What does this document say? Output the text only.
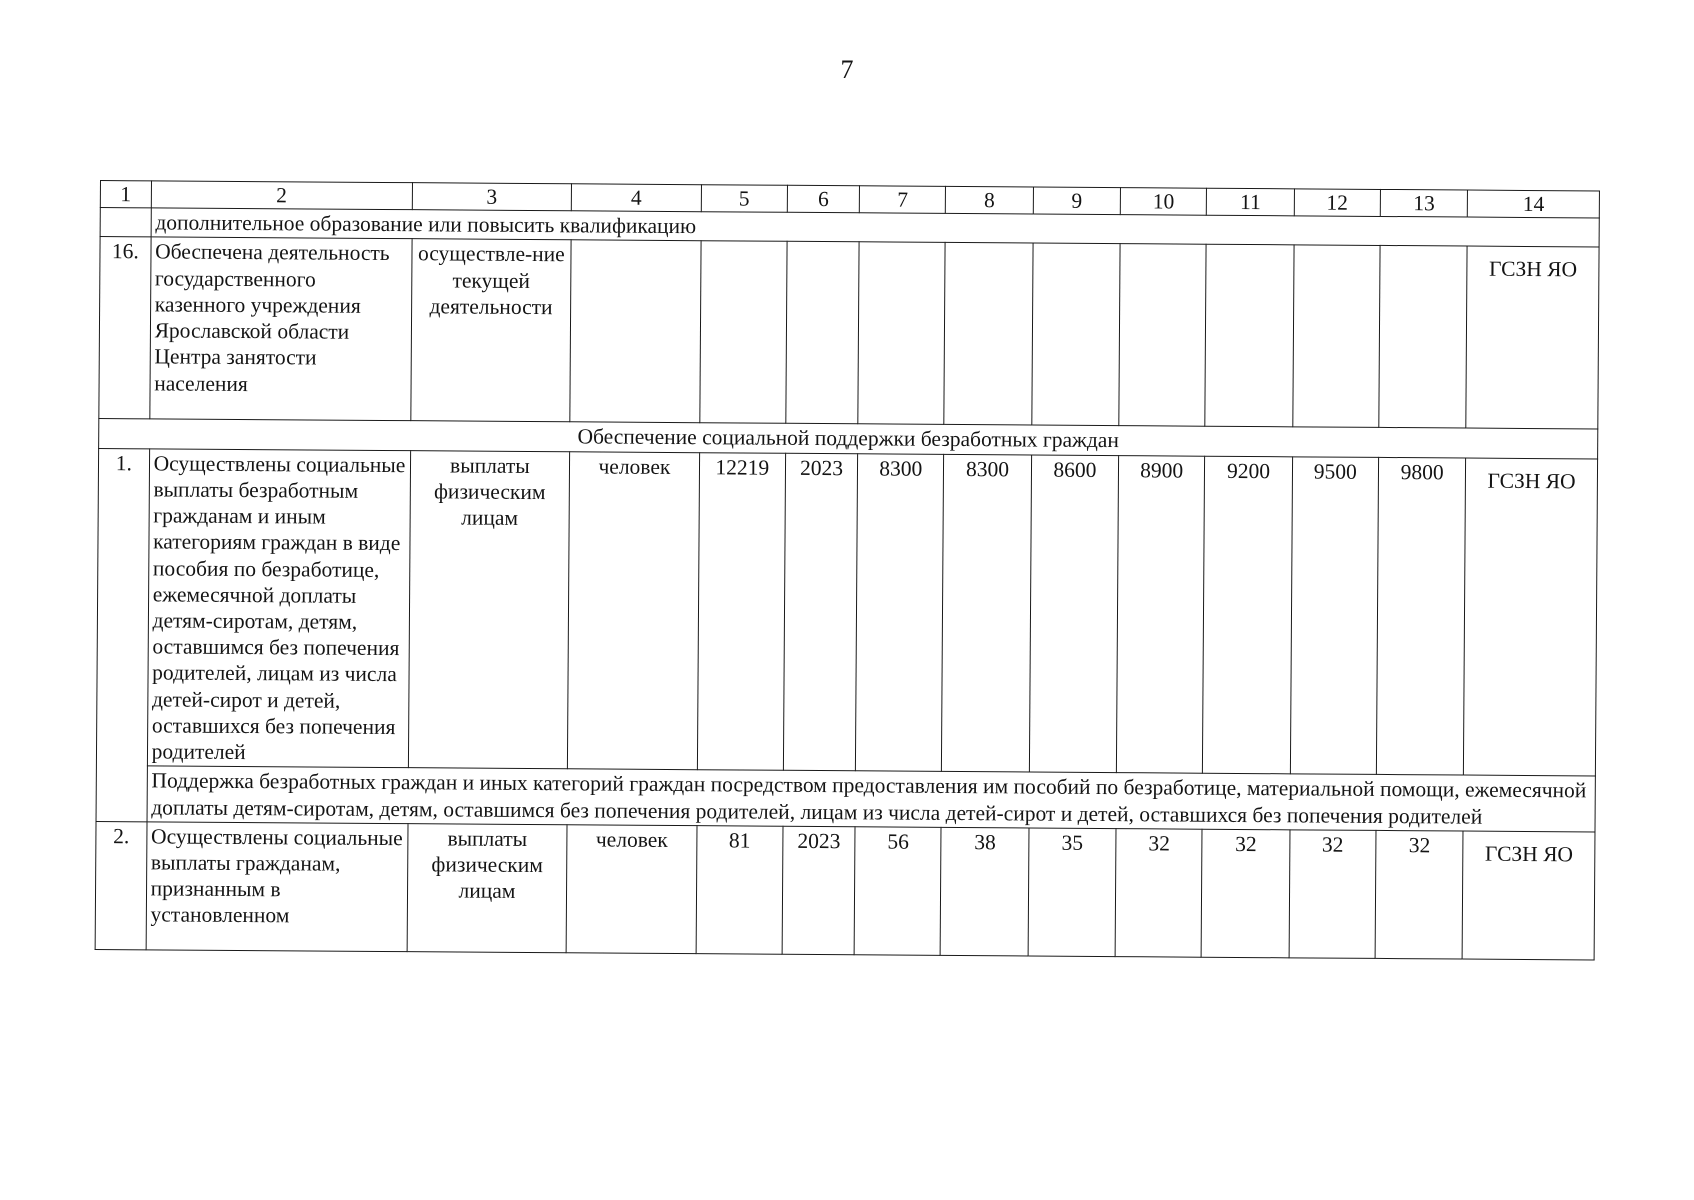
7
1	2	3	4	5	6	7	8	9	10	11	12	13	14
	дополнительное образование или повысить квалификацию												
16.	Обеспечена деятельность государственного казенного учреждения Ярославской области Центра занятости населения	осуществле-ние текущей деятельности											ГСЗН ЯО

Обеспечение социальной поддержки безработных граждан													
1.	Осуществлены социальные выплаты безработным гражданам и иным категориям граждан в виде пособия по безработице, ежемесячной доплаты детям-сиротам, детям, оставшимся без попечения родителей, лицам из числа детей-сирот и детей, оставшихся без попечения родителей	выплаты физическим лицам	человек	12219	2023	8300	8300	8600	8900	9200	9500	9800	ГСЗН ЯО

	Поддержка безработных граждан и иных категорий граждан посредством предоставления им пособий по безработице, материальной помощи, ежемесячной доплаты детям-сиротам, детям, оставшимся без попечения родителей, лицам из числа детей-сирот и детей, оставшихся без попечения родителей												
2.	Осуществлены социальные выплаты гражданам, признанным в установленном	выплаты физическим лицам	человек	81	2023	56	38	35	32	32	32	32	ГСЗН ЯО
